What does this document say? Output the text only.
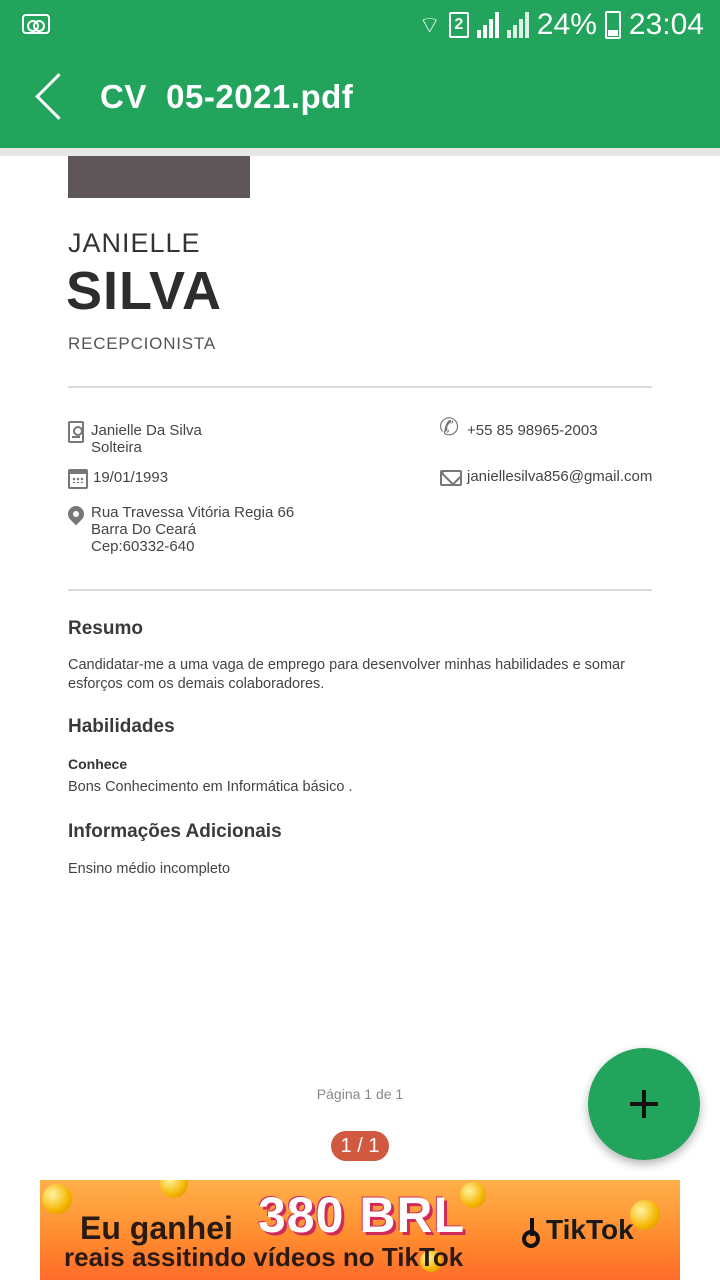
⌔ 2 24% 23:04
CV  05-2021.pdf
JANIELLE
SILVA
RECEPCIONISTA
Janielle Da Silva
Solteira
19/01/1993
Rua Travessa Vitória Regia 66
Barra Do Ceará
Cep:60332-640
✆ +55 85 98965-2003
janiellesilva856@gmail.com
Resumo
Candidatar-me a uma vaga de emprego para desenvolver minhas habilidades e somar esforços com os demais colaboradores.
Habilidades
Conhece
Bons Conhecimento em Informática básico .
Informações Adicionais
Ensino médio incompleto
Página 1 de 1
1 / 1
Eu ganhei 380 BRL
reais assitindo vídeos no TikTok
TikTok
